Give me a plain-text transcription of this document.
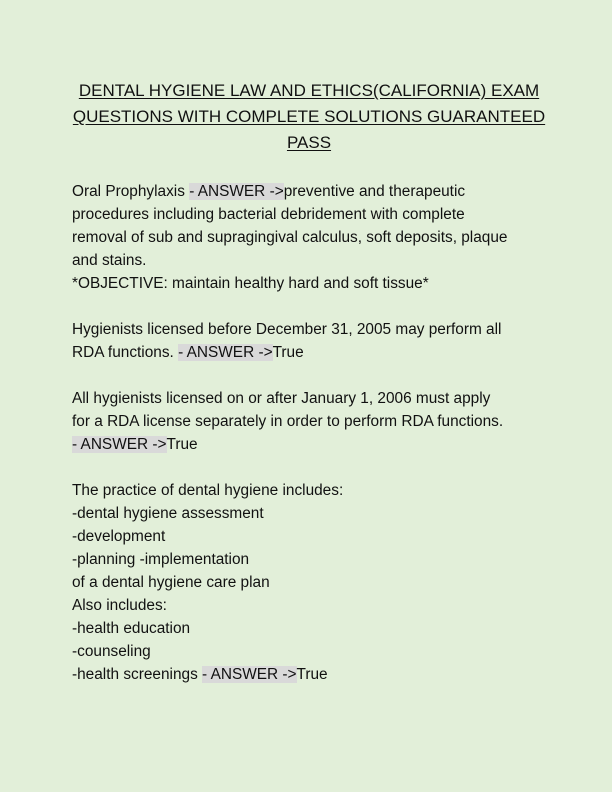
DENTAL HYGIENE LAW AND ETHICS(CALIFORNIA) EXAM
QUESTIONS WITH COMPLETE SOLUTIONS GUARANTEED
PASS
Oral Prophylaxis - ANSWER ->preventive and therapeutic
procedures including bacterial debridement with complete
removal of sub and supragingival calculus, soft deposits, plaque
and stains.
*OBJECTIVE: maintain healthy hard and soft tissue*
Hygienists licensed before December 31, 2005 may perform all
RDA functions. - ANSWER ->True
All hygienists licensed on or after January 1, 2006 must apply
for a RDA license separately in order to perform RDA functions.
- ANSWER ->True
The practice of dental hygiene includes:
-dental hygiene assessment
-development
-planning -implementation
of a dental hygiene care plan
Also includes:
-health education
-counseling
-health screenings - ANSWER ->True
